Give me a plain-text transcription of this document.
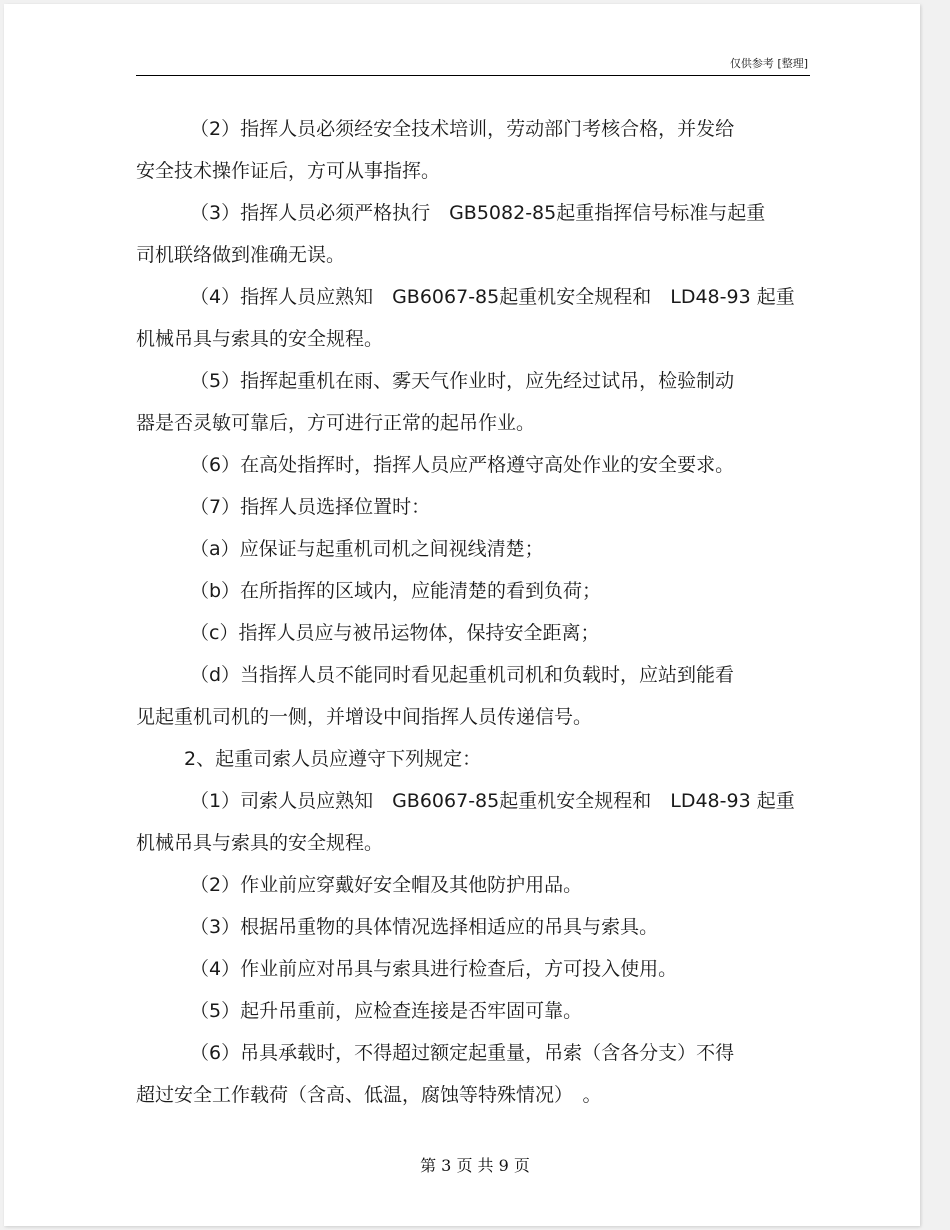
仅供参考 [整理]
（2）指挥人员必须经安全技术培训，劳动部门考核合格，并发给
安全技术操作证后，方可从事指挥。
（3）指挥人员必须严格执行　GB5082-85起重指挥信号标准与起重
司机联络做到准确无误。
（4）指挥人员应熟知　GB6067-85起重机安全规程和　LD48-93 起重
机械吊具与索具的安全规程。
（5）指挥起重机在雨、雾天气作业时，应先经过试吊，检验制动
器是否灵敏可靠后，方可进行正常的起吊作业。
（6）在高处指挥时，指挥人员应严格遵守高处作业的安全要求。
（7）指挥人员选择位置时：
（a）应保证与起重机司机之间视线清楚；
（b）在所指挥的区域内，应能清楚的看到负荷；
（c）指挥人员应与被吊运物体，保持安全距离；
（d）当指挥人员不能同时看见起重机司机和负载时，应站到能看
见起重机司机的一侧，并增设中间指挥人员传递信号。
2、起重司索人员应遵守下列规定：
（1）司索人员应熟知　GB6067-85起重机安全规程和　LD48-93 起重
机械吊具与索具的安全规程。
（2）作业前应穿戴好安全帽及其他防护用品。
（3）根据吊重物的具体情况选择相适应的吊具与索具。
（4）作业前应对吊具与索具进行检查后，方可投入使用。
（5）起升吊重前，应检查连接是否牢固可靠。
（6）吊具承载时，不得超过额定起重量，吊索（含各分支）不得
超过安全工作载荷（含高、低温，腐蚀等特殊情况）　。
第 3 页 共 9 页
